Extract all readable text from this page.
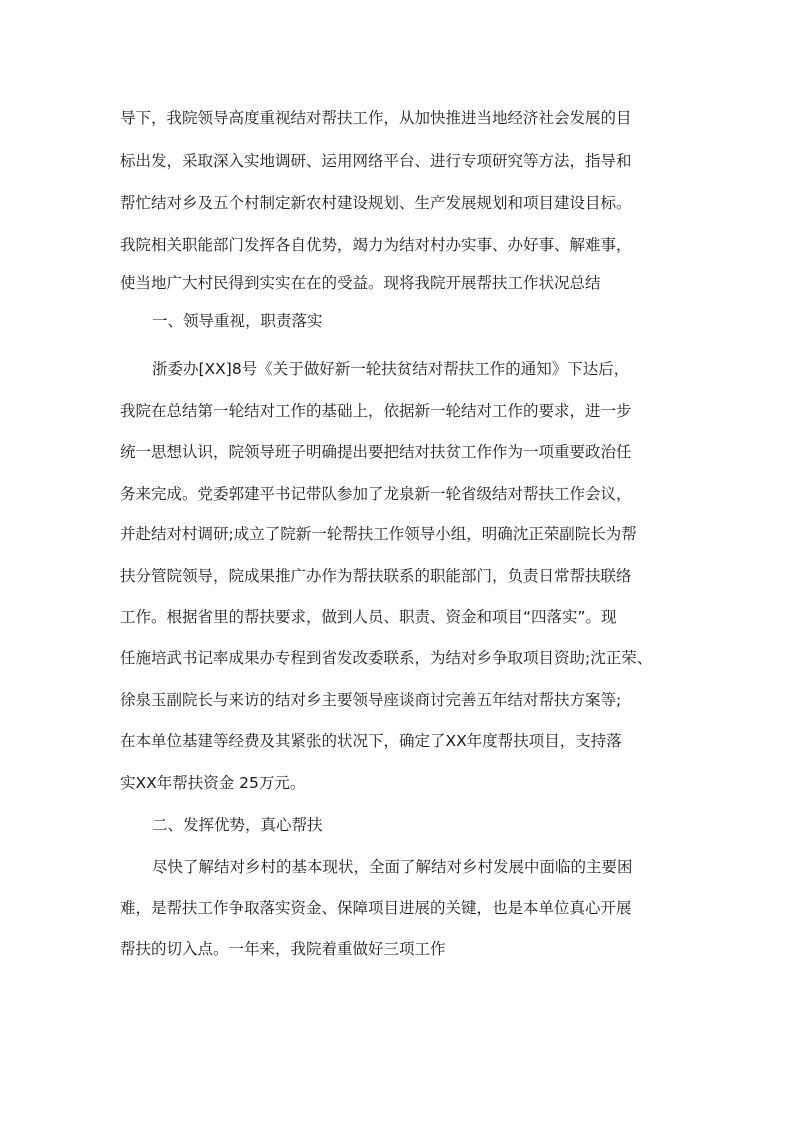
导下，我院领导高度重视结对帮扶工作，从加快推进当地经济社会发展的目
标出发，采取深入实地调研、运用网络平台、进行专项研究等方法，指导和
帮忙结对乡及五个村制定新农村建设规划、生产发展规划和项目建设目标。
我院相关职能部门发挥各自优势，竭力为结对村办实事、办好事、解难事，
使当地广大村民得到实实在在的受益。现将我院开展帮扶工作状况总结
一、领导重视，职责落实
浙委办[XX]8号《关于做好新一轮扶贫结对帮扶工作的通知》下达后，
我院在总结第一轮结对工作的基础上，依据新一轮结对工作的要求，进一步
统一思想认识，院领导班子明确提出要把结对扶贫工作作为一项重要政治任
务来完成。党委郭建平书记带队参加了龙泉新一轮省级结对帮扶工作会议，
并赴结对村调研;成立了院新一轮帮扶工作领导小组，明确沈正荣副院长为帮
扶分管院领导，院成果推广办作为帮扶联系的职能部门，负责日常帮扶联络
工作。根据省里的帮扶要求，做到人员、职责、资金和项目“四落实”。现
任施培武书记率成果办专程到省发改委联系，为结对乡争取项目资助;沈正荣、
徐泉玉副院长与来访的结对乡主要领导座谈商讨完善五年结对帮扶方案等;
在本单位基建等经费及其紧张的状况下，确定了XX年度帮扶项目，支持落
实XX年帮扶资金 25万元。
二、发挥优势，真心帮扶
尽快了解结对乡村的基本现状，全面了解结对乡村发展中面临的主要困
难，是帮扶工作争取落实资金、保障项目进展的关键，也是本单位真心开展
帮扶的切入点。一年来，我院着重做好三项工作
